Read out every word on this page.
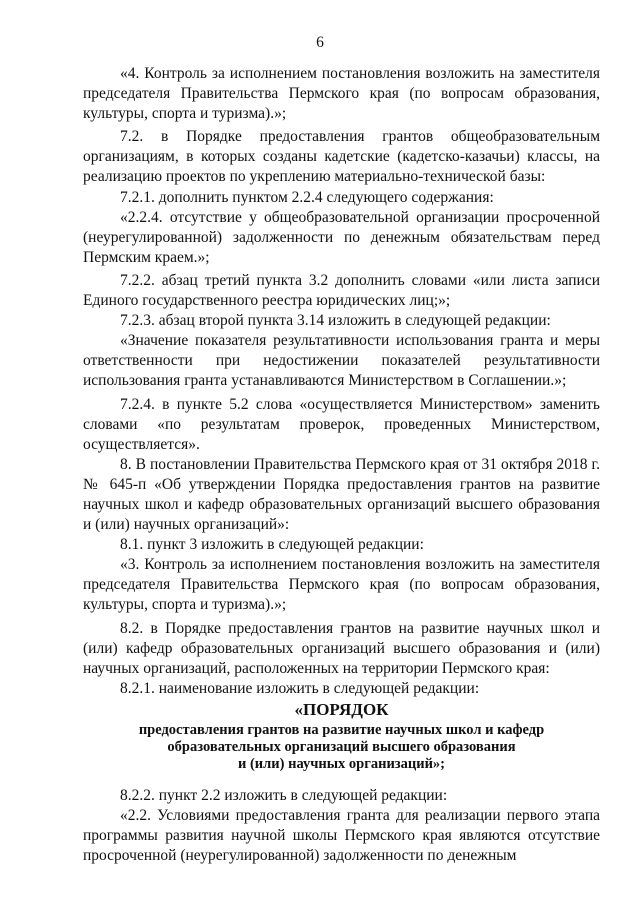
6

«4. Контроль за исполнением постановления возложить на заместителя председателя Правительства Пермского края (по вопросам образования, культуры, спорта и туризма).»;

7.2. в Порядке предоставления грантов общеобразовательным организациям, в которых созданы кадетские (кадетско-казачьи) классы, на реализацию проектов по укреплению материально-технической базы:

7.2.1. дополнить пунктом 2.2.4 следующего содержания:

«2.2.4. отсутствие у общеобразовательной организации просроченной (неурегулированной) задолженности по денежным обязательствам перед Пермским краем.»;

7.2.2. абзац третий пункта 3.2 дополнить словами «или листа записи Единого государственного реестра юридических лиц;»;

7.2.3. абзац второй пункта 3.14 изложить в следующей редакции:

«Значение показателя результативности использования гранта и меры ответственности при недостижении показателей результативности использования гранта устанавливаются Министерством в Соглашении.»;

7.2.4. в пункте 5.2 слова «осуществляется Министерством» заменить словами «по результатам проверок, проведенных Министерством, осуществляется».

8. В постановлении Правительства Пермского края от 31 октября 2018 г. № 645-п «Об утверждении Порядка предоставления грантов на развитие научных школ и кафедр образовательных организаций высшего образования и (или) научных организаций»:

8.1. пункт 3 изложить в следующей редакции:

«3. Контроль за исполнением постановления возложить на заместителя председателя Правительства Пермского края (по вопросам образования, культуры, спорта и туризма).»;

8.2. в Порядке предоставления грантов на развитие научных школ и (или) кафедр образовательных организаций высшего образования и (или) научных организаций, расположенных на территории Пермского края:

8.2.1. наименование изложить в следующей редакции:

«ПОРЯДОК

предоставления грантов на развитие научных школ и кафедр

образовательных организаций высшего образования

и (или) научных организаций»;

8.2.2. пункт 2.2 изложить в следующей редакции:

«2.2. Условиями предоставления гранта для реализации первого этапа программы развития научной школы Пермского края являются отсутствие просроченной (неурегулированной) задолженности по денежным
